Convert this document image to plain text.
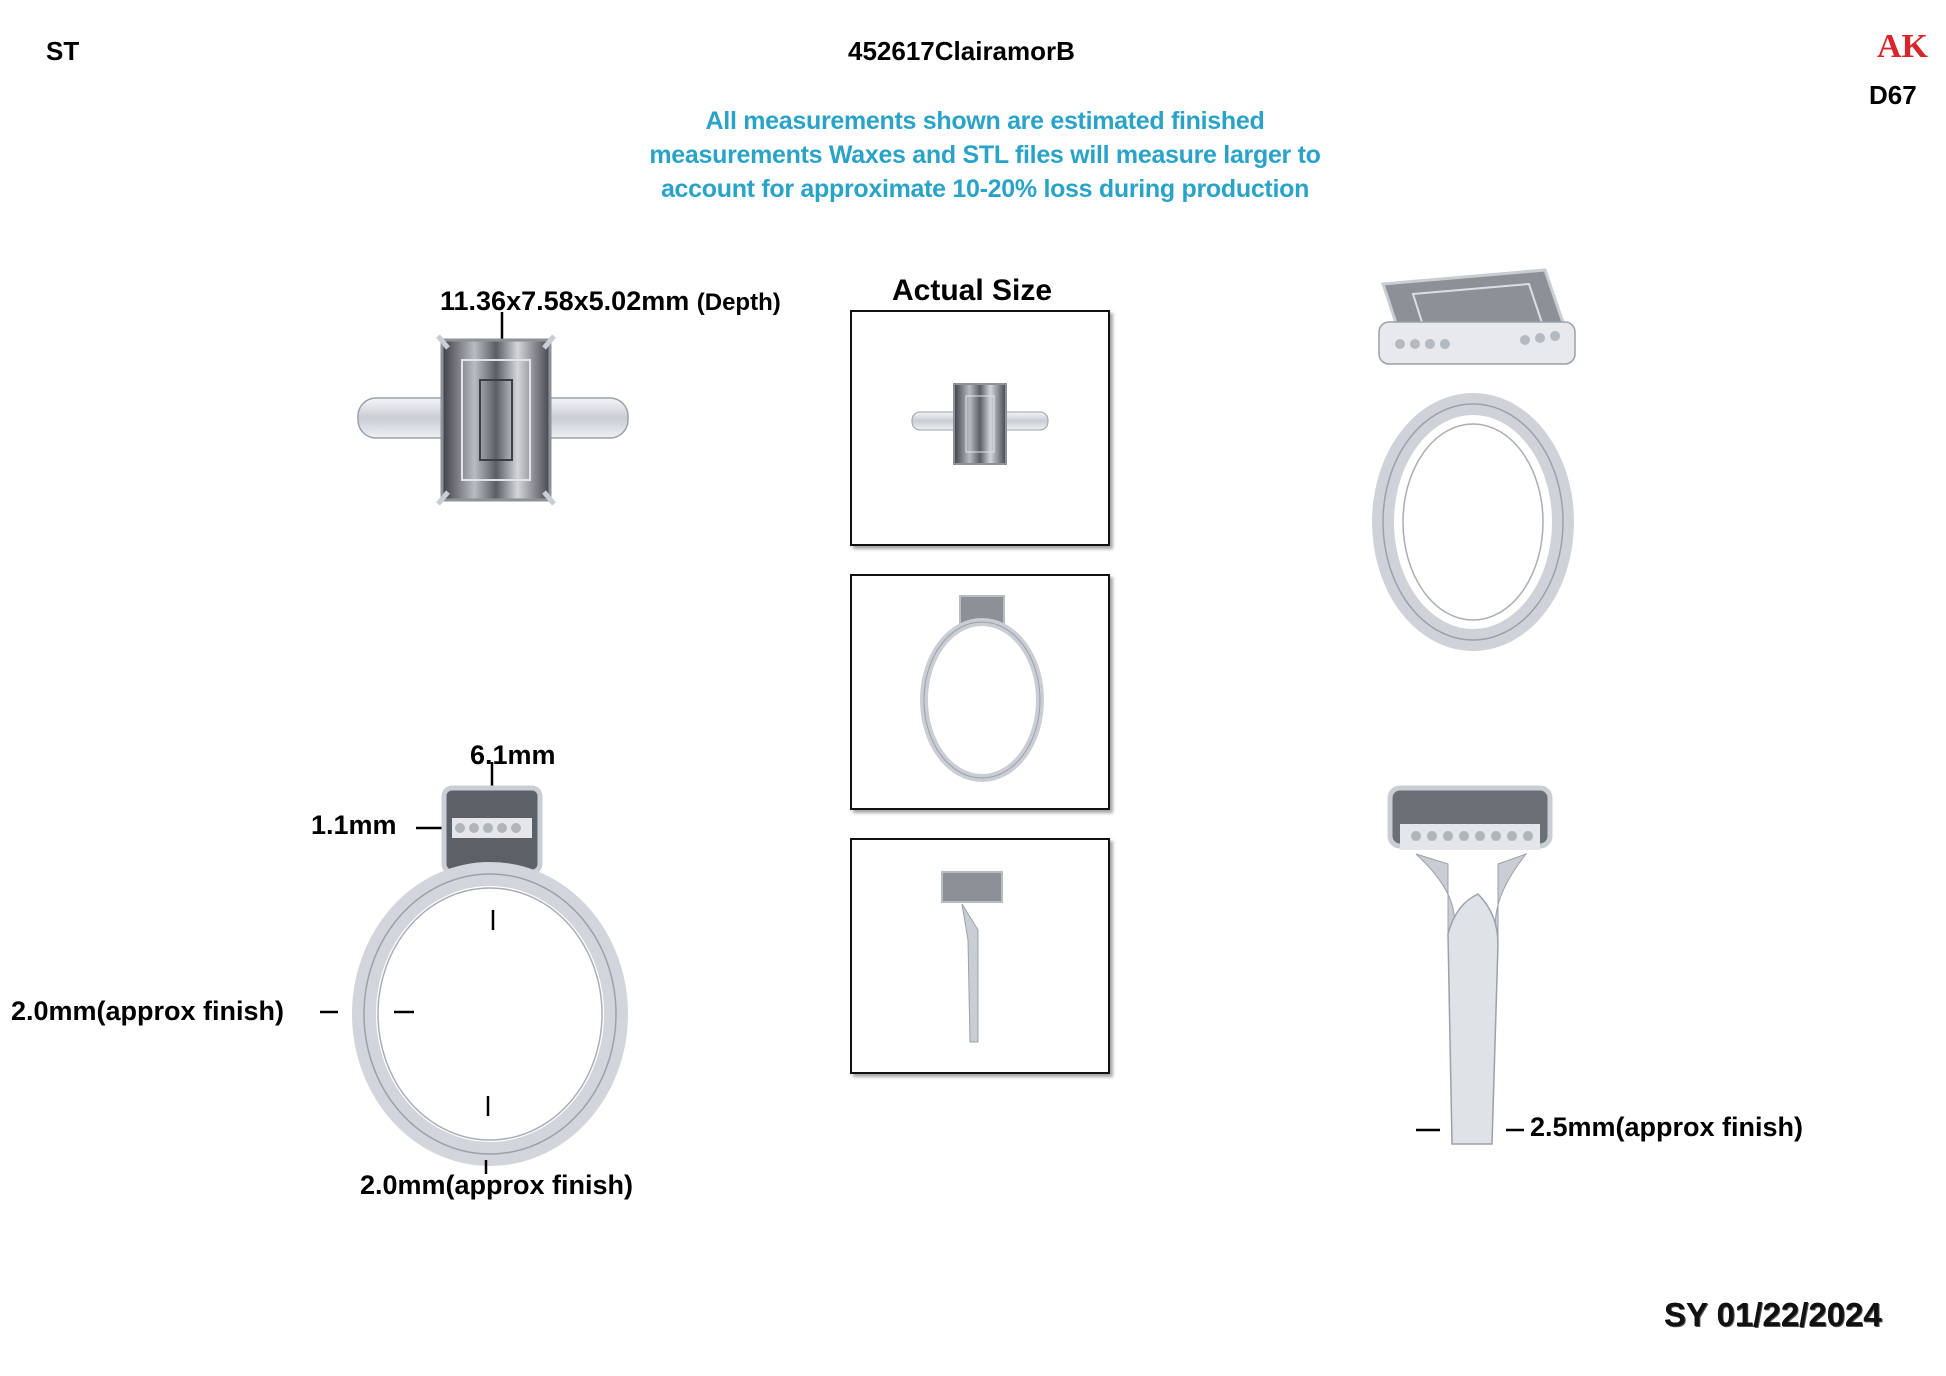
ST	452617ClairamorB	AK
D67
All measurements shown are estimated finished
measurements Waxes and STL files will measure larger to
account for approximate 10-20% loss during production
11.36x7.58x5.02mm (Depth)	Actual Size
6.1mm
1.1mm
2.0mm(approx finish)
2.0mm(approx finish)
2.5mm(approx finish)
SY 01/22/2024
